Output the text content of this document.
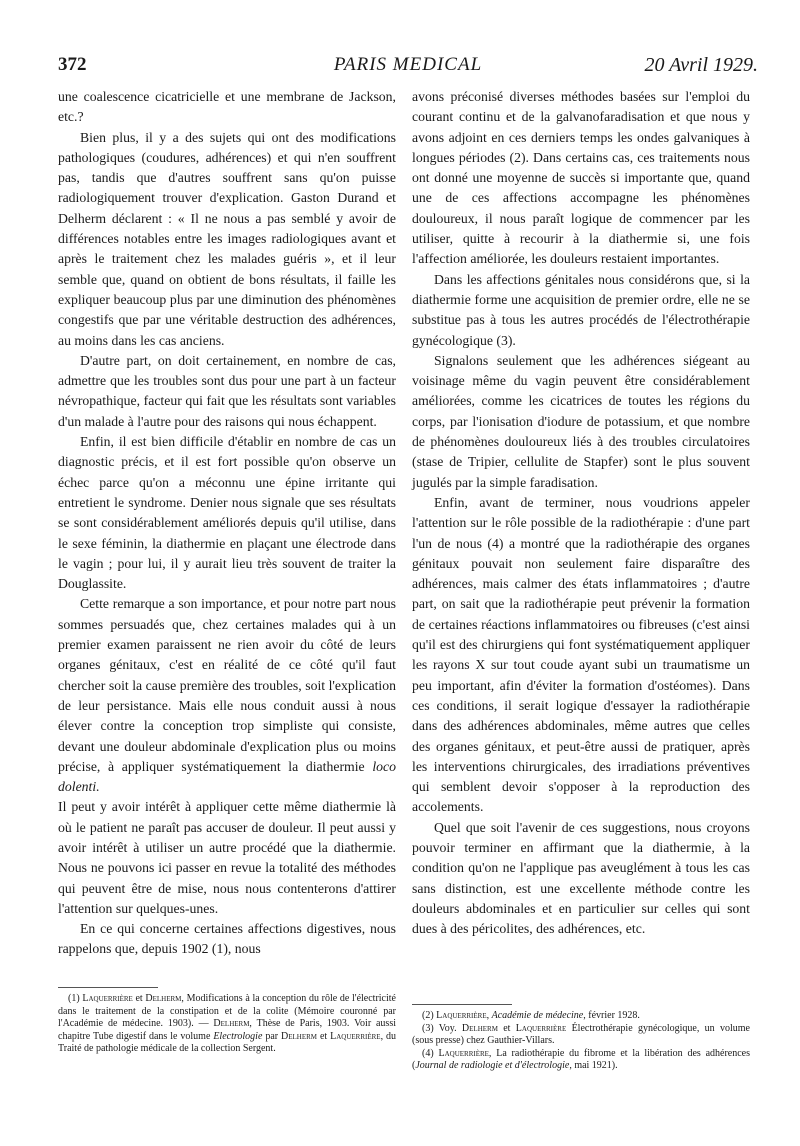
372	PARIS MEDICAL	20 Avril 1929.

une coalescence cicatricielle et une membrane de Jackson, etc.?

Bien plus, il y a des sujets qui ont des modifications pathologiques (coudures, adhérences) et qui n'en souffrent pas, tandis que d'autres souffrent sans qu'on puisse radiologiquement trouver d'explication. Gaston Durand et Delherm déclarent : « Il ne nous a pas semblé y avoir de différences notables entre les images radiologiques avant et après le traitement chez les malades guéris », et il leur semble que, quand on obtient de bons résultats, il faille les expliquer beaucoup plus par une diminution des phénomènes congestifs que par une véritable destruction des adhérences, au moins dans les cas anciens.

D'autre part, on doit certainement, en nombre de cas, admettre que les troubles sont dus pour une part à un facteur névropathique, facteur qui fait que les résultats sont variables d'un malade à l'autre pour des raisons qui nous échappent.

Enfin, il est bien difficile d'établir en nombre de cas un diagnostic précis, et il est fort possible qu'on observe un échec parce qu'on a méconnu une épine irritante qui entretient le syndrome. Denier nous signale que ses résultats se sont considérablement améliorés depuis qu'il utilise, dans le sexe féminin, la diathermie en plaçant une électrode dans le vagin ; pour lui, il y aurait lieu très souvent de traiter la Douglassite.

Cette remarque a son importance, et pour notre part nous sommes persuadés que, chez certaines malades qui à un premier examen paraissent ne rien avoir du côté de leurs organes génitaux, c'est en réalité de ce côté qu'il faut chercher soit la cause première des troubles, soit l'explication de leur persistance. Mais elle nous conduit aussi à nous élever contre la conception trop simpliste qui consiste, devant une douleur abdominale d'explication plus ou moins précise, à appliquer systématiquement la diathermie loco dolenti.

Il peut y avoir intérêt à appliquer cette même diathermie là où le patient ne paraît pas accuser de douleur. Il peut aussi y avoir intérêt à utiliser un autre procédé que la diathermie. Nous ne pouvons ici passer en revue la totalité des méthodes qui peuvent être de mise, nous nous contenterons d'attirer l'attention sur quelques-unes.

En ce qui concerne certaines affections digestives, nous rappelons que, depuis 1902 (1), nous

avons préconisé diverses méthodes basées sur l'emploi du courant continu et de la galvanofaradisation et que nous y avons adjoint en ces derniers temps les ondes galvaniques à longues périodes (2). Dans certains cas, ces traitements nous ont donné une moyenne de succès si importante que, quand une de ces affections accompagne les phénomènes douloureux, il nous paraît logique de commencer par les utiliser, quitte à recourir à la diathermie si, une fois l'affection améliorée, les douleurs restaient importantes.

Dans les affections génitales nous considérons que, si la diathermie forme une acquisition de premier ordre, elle ne se substitue pas à tous les autres procédés de l'électrothérapie gynécologique (3).

Signalons seulement que les adhérences siégeant au voisinage même du vagin peuvent être considérablement améliorées, comme les cicatrices de toutes les régions du corps, par l'ionisation d'iodure de potassium, et que nombre de phénomènes douloureux liés à des troubles circulatoires (stase de Tripier, cellulite de Stapfer) sont le plus souvent jugulés par la simple faradisation.

Enfin, avant de terminer, nous voudrions appeler l'attention sur le rôle possible de la radiothérapie : d'une part l'un de nous (4) a montré que la radiothérapie des organes génitaux pouvait non seulement faire disparaître des adhérences, mais calmer des états inflammatoires ; d'autre part, on sait que la radiothérapie peut prévenir la formation de certaines réactions inflammatoires ou fibreuses (c'est ainsi qu'il est des chirurgiens qui font systématiquement appliquer les rayons X sur tout coude ayant subi un traumatisme un peu important, afin d'éviter la formation d'ostéomes). Dans ces conditions, il serait logique d'essayer la radiothérapie dans des adhérences abdominales, même autres que celles des organes génitaux, et peut-être aussi de pratiquer, après les interventions chirurgicales, des irradiations préventives qui semblent devoir s'opposer à la reproduction des accolements.

Quel que soit l'avenir de ces suggestions, nous croyons pouvoir terminer en affirmant que la diathermie, à la condition qu'on ne l'applique pas aveuglément à tous les cas sans distinction, est une excellente méthode contre les douleurs abdominales et en particulier sur celles qui sont dues à des péricolites, des adhérences, etc.

(1) Laquerrière et Delherm, Modifications à la conception du rôle de l'électricité dans le traitement de la constipation et de la colite (Mémoire couronné par l'Académie de médecine. 1903). — Delherm, Thèse de Paris, 1903. Voir aussi chapitre Tube digestif dans le volume Electrologie par Delherm et Laquerrière, du Traité de pathologie médicale de la collection Sergent.

(2) Laquerrière, Académie de médecine, février 1928.

(3) Voy. Delherm et Laquerrière Électrothérapie gynécologique, un volume (sous presse) chez Gauthier-Villars.

(4) Laquerrière, La radiothérapie du fibrome et la libération des adhérences (Journal de radiologie et d'électrologie, mai 1921).
